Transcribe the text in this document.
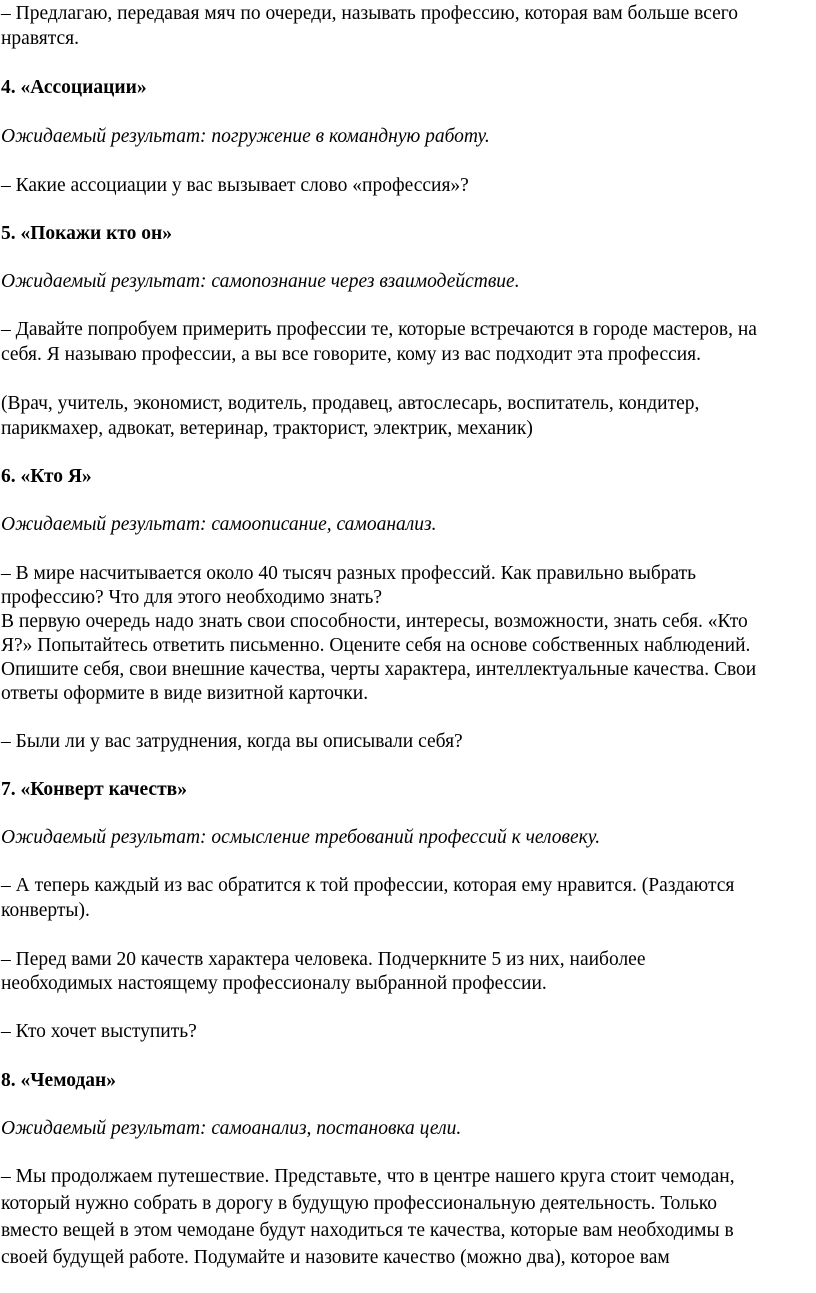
– Предлагаю, передавая мяч по очереди, называть профессию, которая вам больше всего
нравятся.
4. «Ассоциации»
Ожидаемый результат: погружение в командную работу.
– Какие ассоциации у вас вызывает слово «профессия»?
5. «Покажи кто он»
Ожидаемый результат: самопознание через взаимодействие.
– Давайте попробуем примерить профессии те, которые встречаются в городе мастеров, на
себя. Я называю профессии, а вы все говорите, кому из вас подходит эта профессия.
(Врач, учитель, экономист, водитель, продавец, автослесарь, воспитатель, кондитер,
парикмахер, адвокат, ветеринар, тракторист, электрик, механик)
6. «Кто Я»
Ожидаемый результат: самоописание, самоанализ.
– В мире насчитывается около 40 тысяч разных профессий. Как правильно выбрать
профессию? Что для этого необходимо знать?
В первую очередь надо знать свои способности, интересы, возможности, знать себя. «Кто
Я?» Попытайтесь ответить письменно. Оцените себя на основе собственных наблюдений.
Опишите себя, свои внешние качества, черты характера, интеллектуальные качества. Свои
ответы оформите в виде визитной карточки.
– Были ли у вас затруднения, когда вы описывали себя?
7. «Конверт качеств»
Ожидаемый результат: осмысление требований профессий к человеку.
– А теперь каждый из вас обратится к той профессии, которая ему нравится. (Раздаются
конверты).
– Перед вами 20 качеств характера человека. Подчеркните 5 из них, наиболее
необходимых настоящему профессионалу выбранной профессии.
– Кто хочет выступить?
8. «Чемодан»
Ожидаемый результат: самоанализ, постановка цели.
– Мы продолжаем путешествие. Представьте, что в центре нашего круга стоит чемодан,
который нужно собрать в дорогу в будущую профессиональную деятельность. Только
вместо вещей в этом чемодане будут находиться те качества, которые вам необходимы в
своей будущей работе. Подумайте и назовите качество (можно два), которое вам
